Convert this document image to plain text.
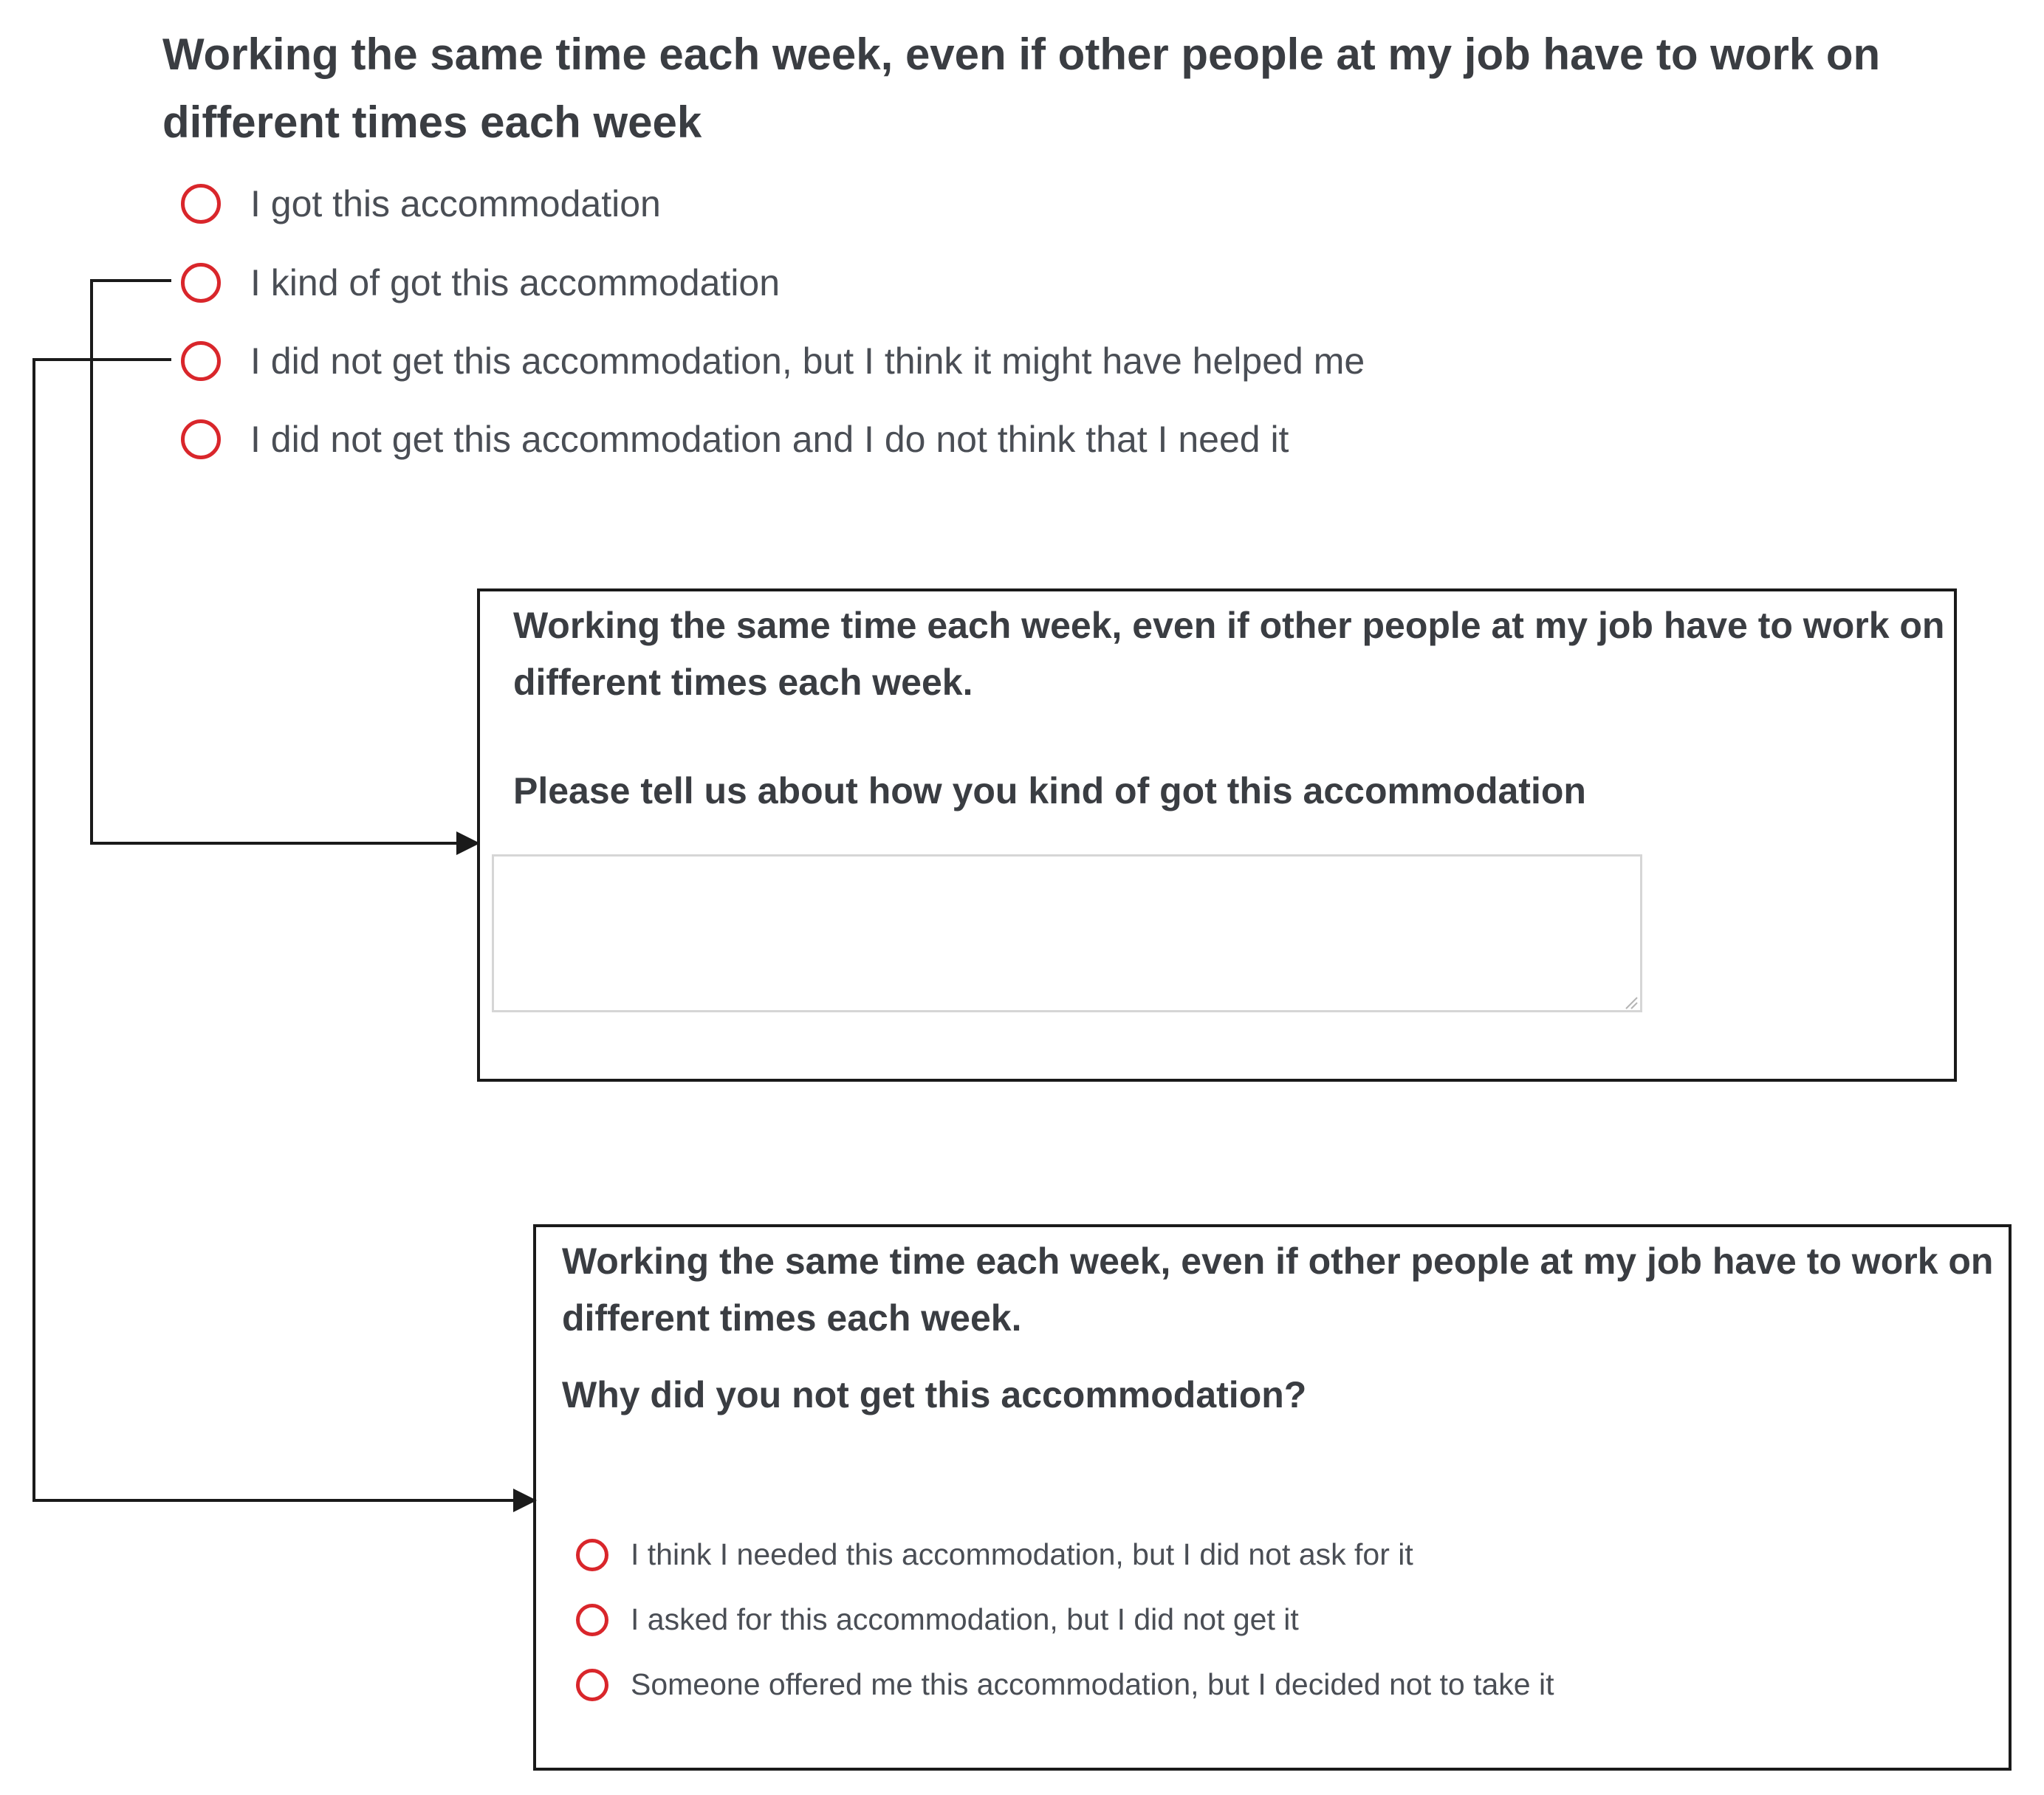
Working the same time each week, even if other people at my job have to work on different times each week

I got this accommodation
I kind of got this accommodation
I did not get this accommodation, but I think it might have helped me
I did not get this accommodation and I do not think that I need it

Working the same time each week, even if other people at my job have to work on different times each week.

Please tell us about how you kind of got this accommodation

Working the same time each week, even if other people at my job have to work on different times each week.

Why did you not get this accommodation?

I think I needed this accommodation, but I did not ask for it
I asked for this accommodation, but I did not get it
Someone offered me this accommodation, but I decided not to take it
